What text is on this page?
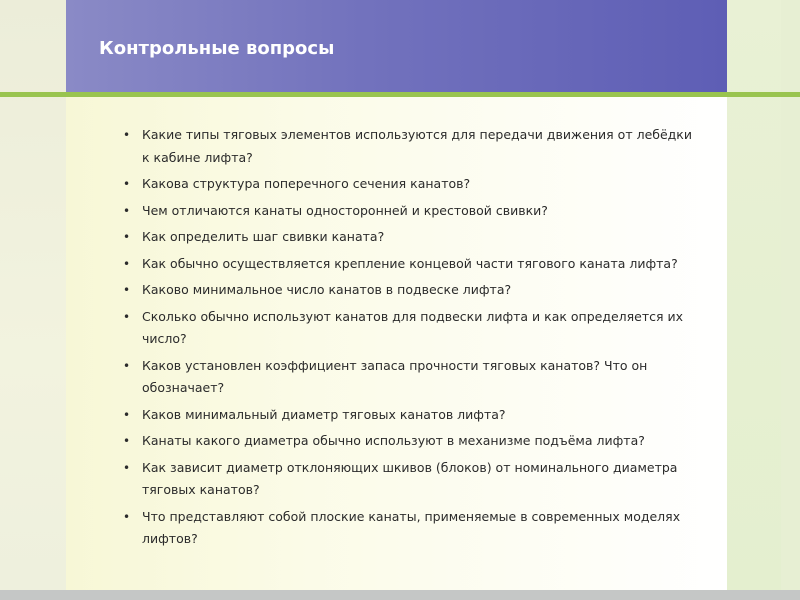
Контрольные вопросы
• Какие типы тяговых элементов используются для передачи движения от лебёдки к кабине лифта?
• Какова структура поперечного сечения канатов?
• Чем отличаются канаты односторонней и крестовой свивки?
• Как определить шаг свивки каната?
• Как обычно осуществляется крепление концевой части тягового каната лифта?
• Каково минимальное число канатов в подвеске лифта?
• Сколько обычно используют канатов для подвески лифта и как определяется их число?
• Каков установлен коэффициент запаса прочности тяговых канатов? Что он обозначает?
• Каков минимальный диаметр тяговых канатов лифта?
• Канаты какого диаметра обычно используют в механизме подъёма лифта?
• Как зависит диаметр отклоняющих шкивов (блоков) от номинального диаметра тяговых канатов?
• Что представляют собой плоские канаты, применяемые в современных моделях лифтов?
